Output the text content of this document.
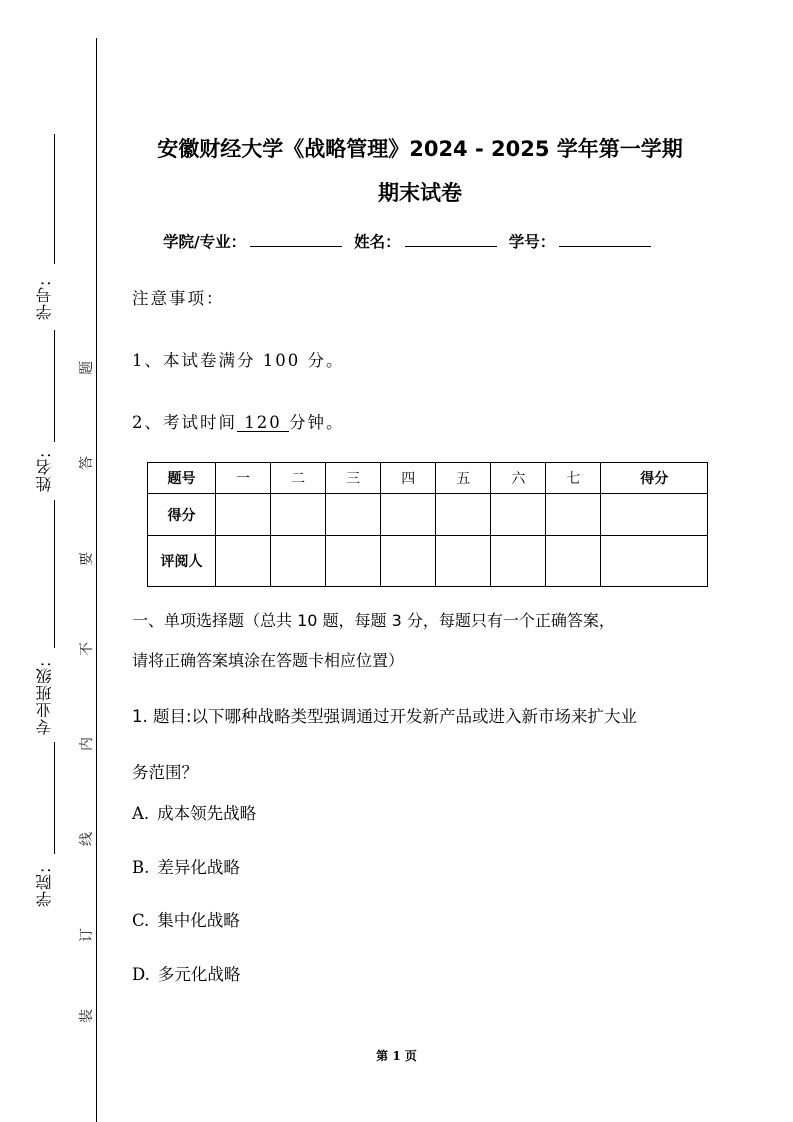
学号:
姓名:
专业班级:
学院:
题
答
要
不
内
线
订
装
安徽财经大学《战略管理》2024 - 2025 学年第一学期
期末试卷
学院/专业：	姓名：	学号：
注意事项：
1、本试卷满分 100 分。
2、考试时间 120 分钟。
题号	一	二	三	四	五	六	七	得分
得分								
评阅人								
一、单项选择题（总共 10 题，每题 3 分，每题只有一个正确答案，
请将正确答案填涂在答题卡相应位置）
1. 题目:以下哪种战略类型强调通过开发新产品或进入新市场来扩大业
务范围？
A. 成本领先战略
B. 差异化战略
C. 集中化战略
D. 多元化战略
第 1 页
